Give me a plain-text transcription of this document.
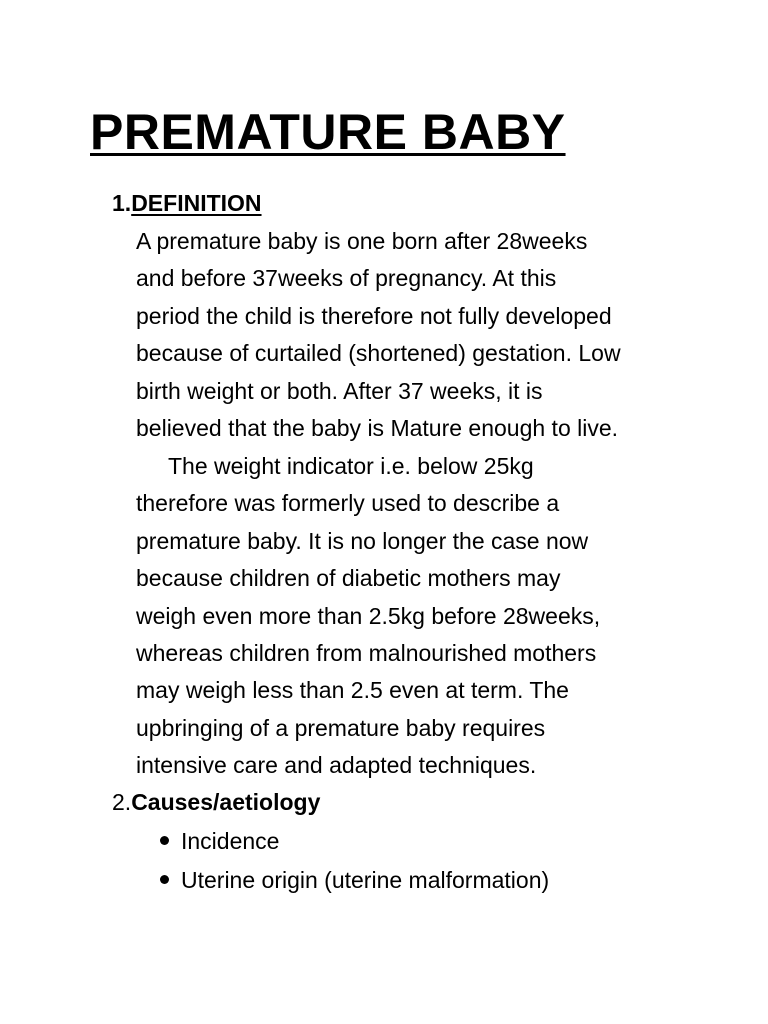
PREMATURE BABY
1.DEFINITION

A premature baby is one born after 28weeks
and before 37weeks of pregnancy. At this
period the child is therefore not fully developed
because of curtailed (shortened) gestation. Low
birth weight or both. After 37 weeks, it is
believed that the baby is Mature enough to live.

The weight indicator i.e. below 25kg
therefore was formerly used to describe a
premature baby. It is no longer the case now
because children of diabetic mothers may
weigh even more than 2.5kg before 28weeks,
whereas children from malnourished mothers
may weigh less than 2.5 even at term. The
upbringing of a premature baby requires
intensive care and adapted techniques.

2.Causes/aetiology
Incidence
Uterine origin (uterine malformation)
